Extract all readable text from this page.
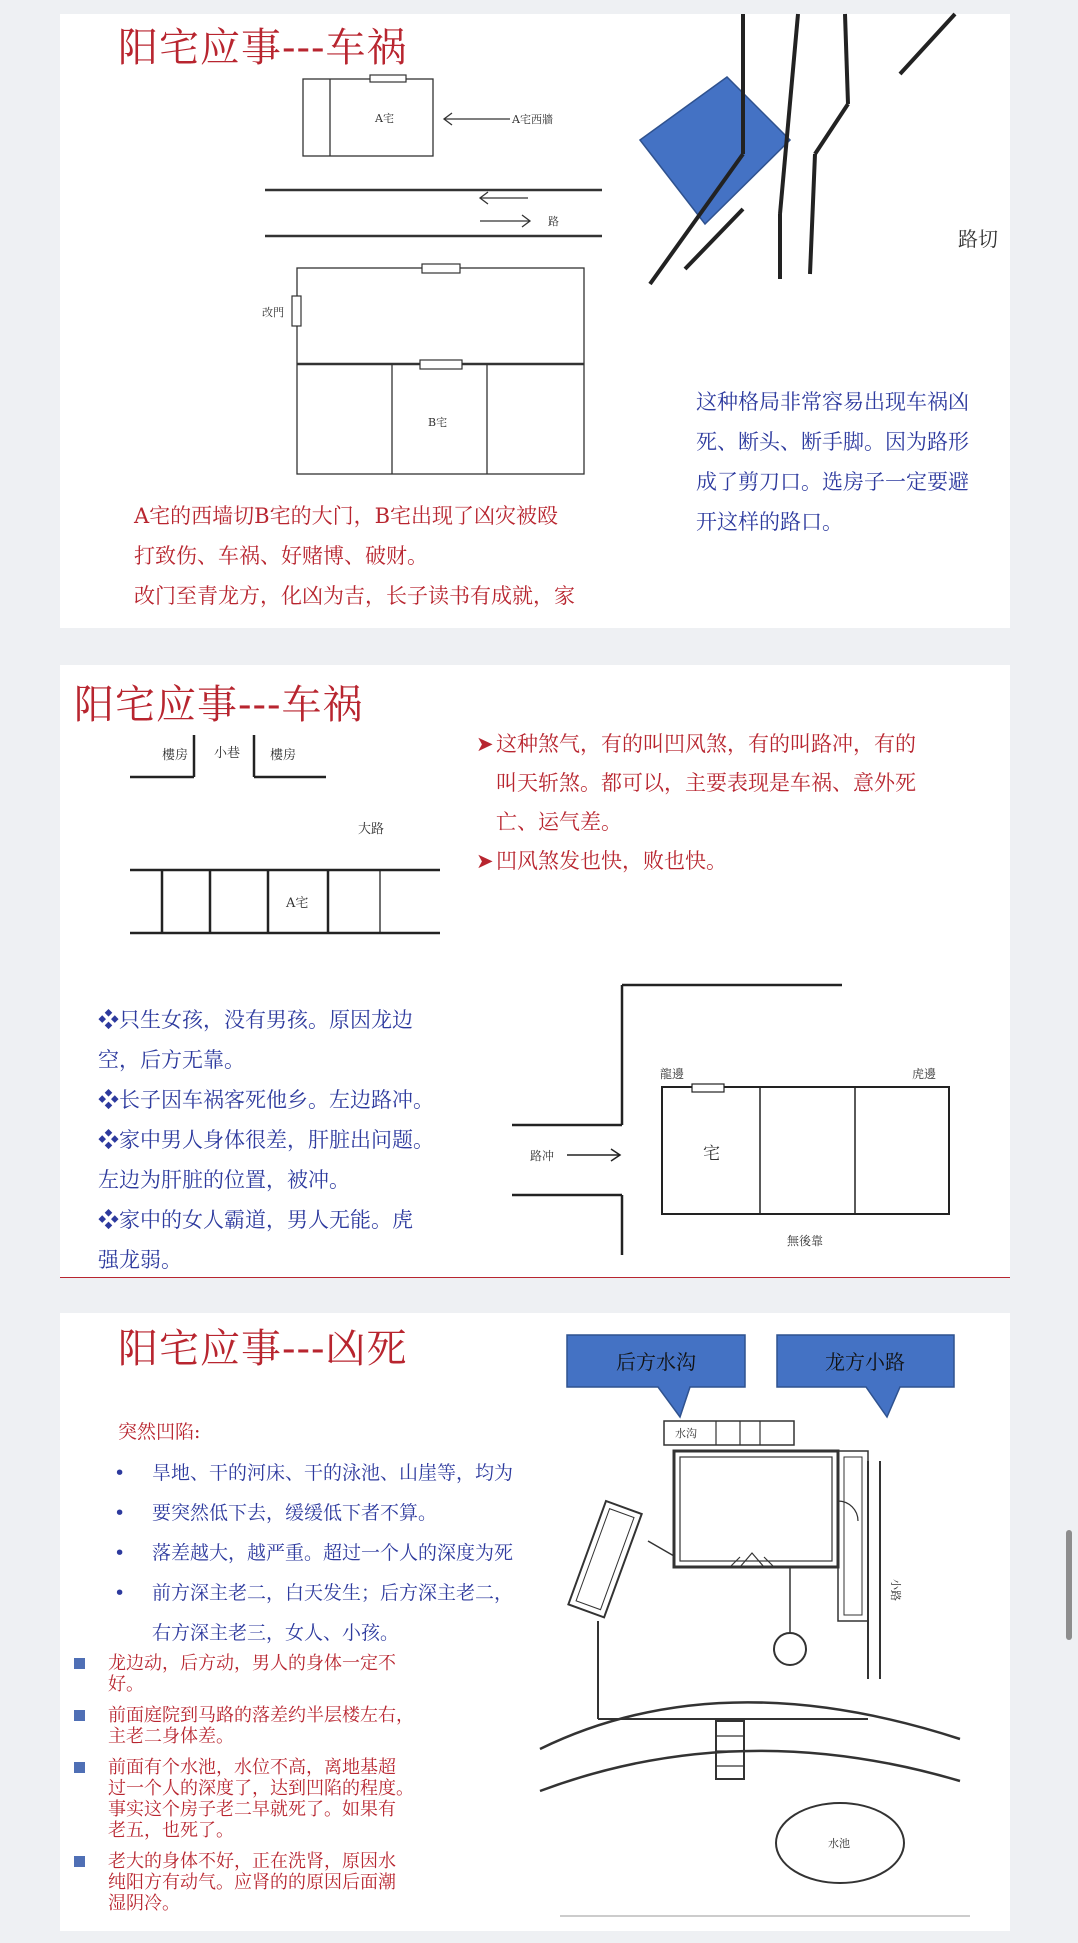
阳宅应事---车祸
A宅	A宅西牆
路
改門
B宅
路切
A宅的西墙切B宅的大门，B宅出现了凶灾被殴
打致伤、车祸、好赌博、破财。
改门至青龙方，化凶为吉，长子读书有成就，家
这种格局非常容易出现车祸凶
死、断头、断手脚。因为路形
成了剪刀口。选房子一定要避
开这样的路口。
阳宅应事---车祸
樓房 小巷 樓房
大路
A宅
➤ 这种煞气，有的叫凹风煞，有的叫路冲，有的
叫天斩煞。都可以，主要表现是车祸、意外死
亡、运气差。
➤ 凹风煞发也快，败也快。
❖只生女孩，没有男孩。原因龙边
空，后方无靠。
❖长子因车祸客死他乡。左边路冲。
❖家中男人身体很差，肝脏出问题。
左边为肝脏的位置，被冲。
❖家中的女人霸道，男人无能。虎
强龙弱。
路冲
龍邊	虎邊
宅
無後靠
阳宅应事---凶死
突然凹陷:
• 旱地、干的河床、干的泳池、山崖等，均为
• 要突然低下去，缓缓低下者不算。
• 落差越大，越严重。超过一个人的深度为死
• 前方深主老二，白天发生；后方深主老二，
右方深主老三，女人、小孩。
龙边动，后方动，男人的身体一定不
好。
前面庭院到马路的落差约半层楼左右，
主老二身体差。
前面有个水池，水位不高，离地基超
过一个人的深度了，达到凹陷的程度。
事实这个房子老二早就死了。如果有
老五，也死了。
老大的身体不好，正在洗肾，原因水
纯阳方有动气。应肾的的原因后面潮
湿阴冷。
后方水沟	龙方小路
水沟
小路
水池
